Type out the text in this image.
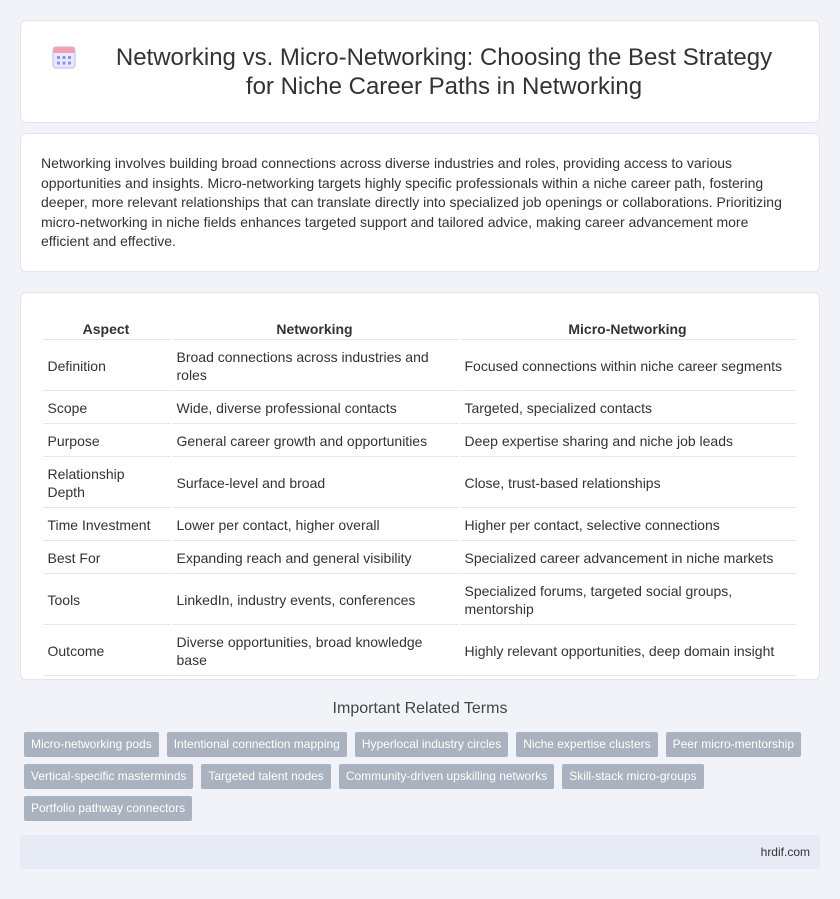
Networking vs. Micro-Networking: Choosing the Best Strategy for Niche Career Paths in Networking

Networking involves building broad connections across diverse industries and roles, providing access to various opportunities and insights. Micro-networking targets highly specific professionals within a niche career path, fostering deeper, more relevant relationships that can translate directly into specialized job openings or collaborations. Prioritizing micro-networking in niche fields enhances targeted support and tailored advice, making career advancement more efficient and effective.

Aspect	Networking	Micro-Networking
Definition	Broad connections across industries and roles	Focused connections within niche career segments
Scope	Wide, diverse professional contacts	Targeted, specialized contacts
Purpose	General career growth and opportunities	Deep expertise sharing and niche job leads
Relationship Depth	Surface-level and broad	Close, trust-based relationships
Time Investment	Lower per contact, higher overall	Higher per contact, selective connections
Best For	Expanding reach and general visibility	Specialized career advancement in niche markets
Tools	LinkedIn, industry events, conferences	Specialized forums, targeted social groups, mentorship
Outcome	Diverse opportunities, broad knowledge base	Highly relevant opportunities, deep domain insight
Important Related Terms
Micro-networking pods	Intentional connection mapping	Hyperlocal industry circles	Niche expertise clusters	Peer micro-mentorship
Vertical-specific masterminds	Targeted talent nodes	Community-driven upskilling networks	Skill-stack micro-groups
Portfolio pathway connectors
hrdif.com
